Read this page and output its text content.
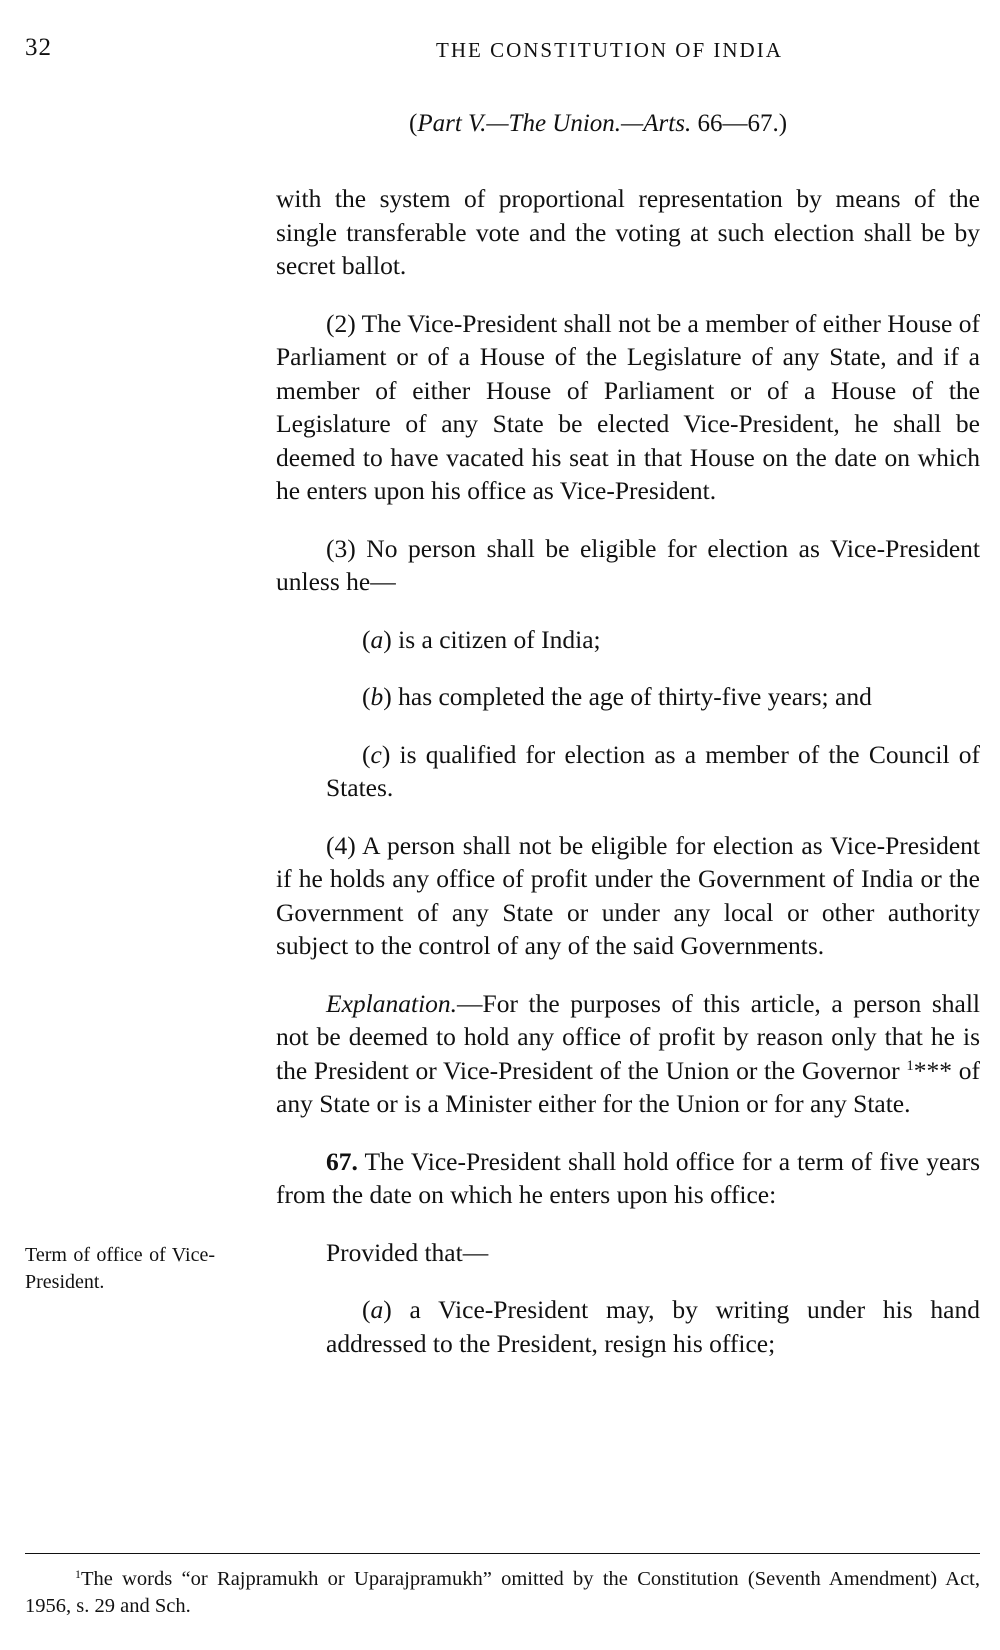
32	THE CONSTITUTION OF INDIA
(Part V.—The Union.—Arts. 66—67.)

with the system of proportional representation by means of the single transferable vote and the voting at such election shall be by secret ballot.

(2) The Vice-President shall not be a member of either House of Parliament or of a House of the Legislature of any State, and if a member of either House of Parliament or of a House of the Legislature of any State be elected Vice-President, he shall be deemed to have vacated his seat in that House on the date on which he enters upon his office as Vice-President.

(3) No person shall be eligible for election as Vice-President unless he—

(a) is a citizen of India;

(b) has completed the age of thirty-five years; and

(c) is qualified for election as a member of the Council of States.

(4) A person shall not be eligible for election as Vice-President if he holds any office of profit under the Government of India or the Government of any State or under any local or other authority subject to the control of any of the said Governments.

Explanation.—For the purposes of this article, a person shall not be deemed to hold any office of profit by reason only that he is the President or Vice-President of the Union or the Governor $^1$*** of any State or is a Minister either for the Union or for any State.

67. The Vice-President shall hold office for a term of five years from the date on which he enters upon his office:

Provided that—

(a) a Vice-President may, by writing under his hand addressed to the President, resign his office;

Term of office of Vice-President.
$^1$The words “or Rajpramukh or Uparajpramukh” omitted by the Constitution (Seventh Amendment) Act, 1956, s. 29 and Sch.
